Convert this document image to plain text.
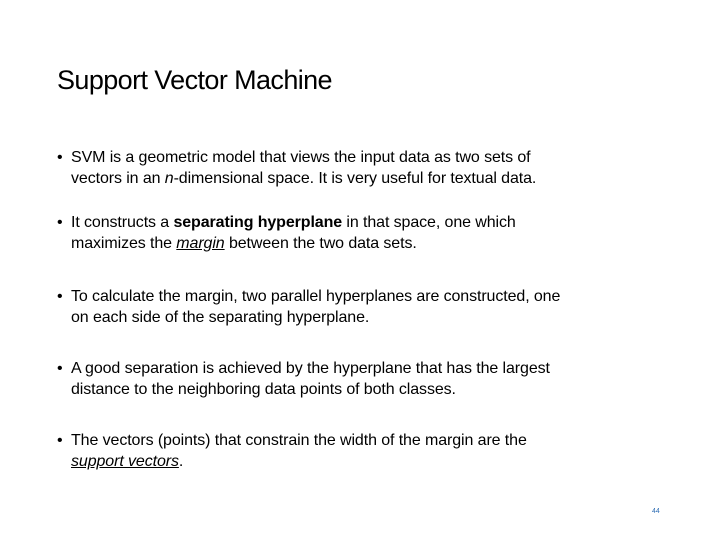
Support Vector Machine
• SVM is a geometric model that views the input data as two sets of
vectors in an n-dimensional space. It is very useful for textual data.
• It constructs a separating hyperplane in that space, one which
maximizes the margin between the two data sets.
• To calculate the margin, two parallel hyperplanes are constructed, one
on each side of the separating hyperplane.
• A good separation is achieved by the hyperplane that has the largest
distance to the neighboring data points of both classes.
• The vectors (points) that constrain the width of the margin are the
support vectors.
44
